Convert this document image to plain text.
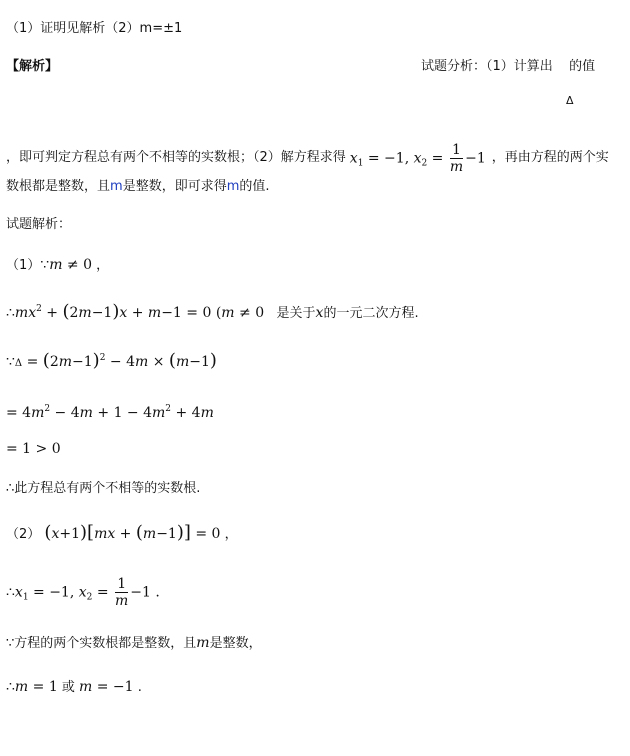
（1）证明见解析（2）m=±1
【解析】	试题分析：（1）计算出 的值
Δ
，即可判定方程总有两个不相等的实数根；（2）解方程求得 $x_1 = -1$, $x_2 = \frac{1}{m} -1$ ，再由方程的两个实
数根都是整数，且m是整数，即可求得m的值.
试题解析：
（1）∵m ≠ 0 ，
$\therefore mx^2 + (2m-1)x + m-1 = 0$ (m ≠ 0 是关于x的一元二次方程.
∵Δ = $(2m-1)^2 - 4m \times (m-1)$
= $4m^2 - 4m + 1 - 4m^2 + 4m$
= 1 > 0
∴此方程总有两个不相等的实数根.
（2） (x+1)[mx + (m−1)] = 0 ，
$\therefore x_1 = -1$, $x_2 = \frac{1}{m} -1$ .
∵方程的两个实数根都是整数，且m是整数，
∴m = 1 或 m = −1 .
